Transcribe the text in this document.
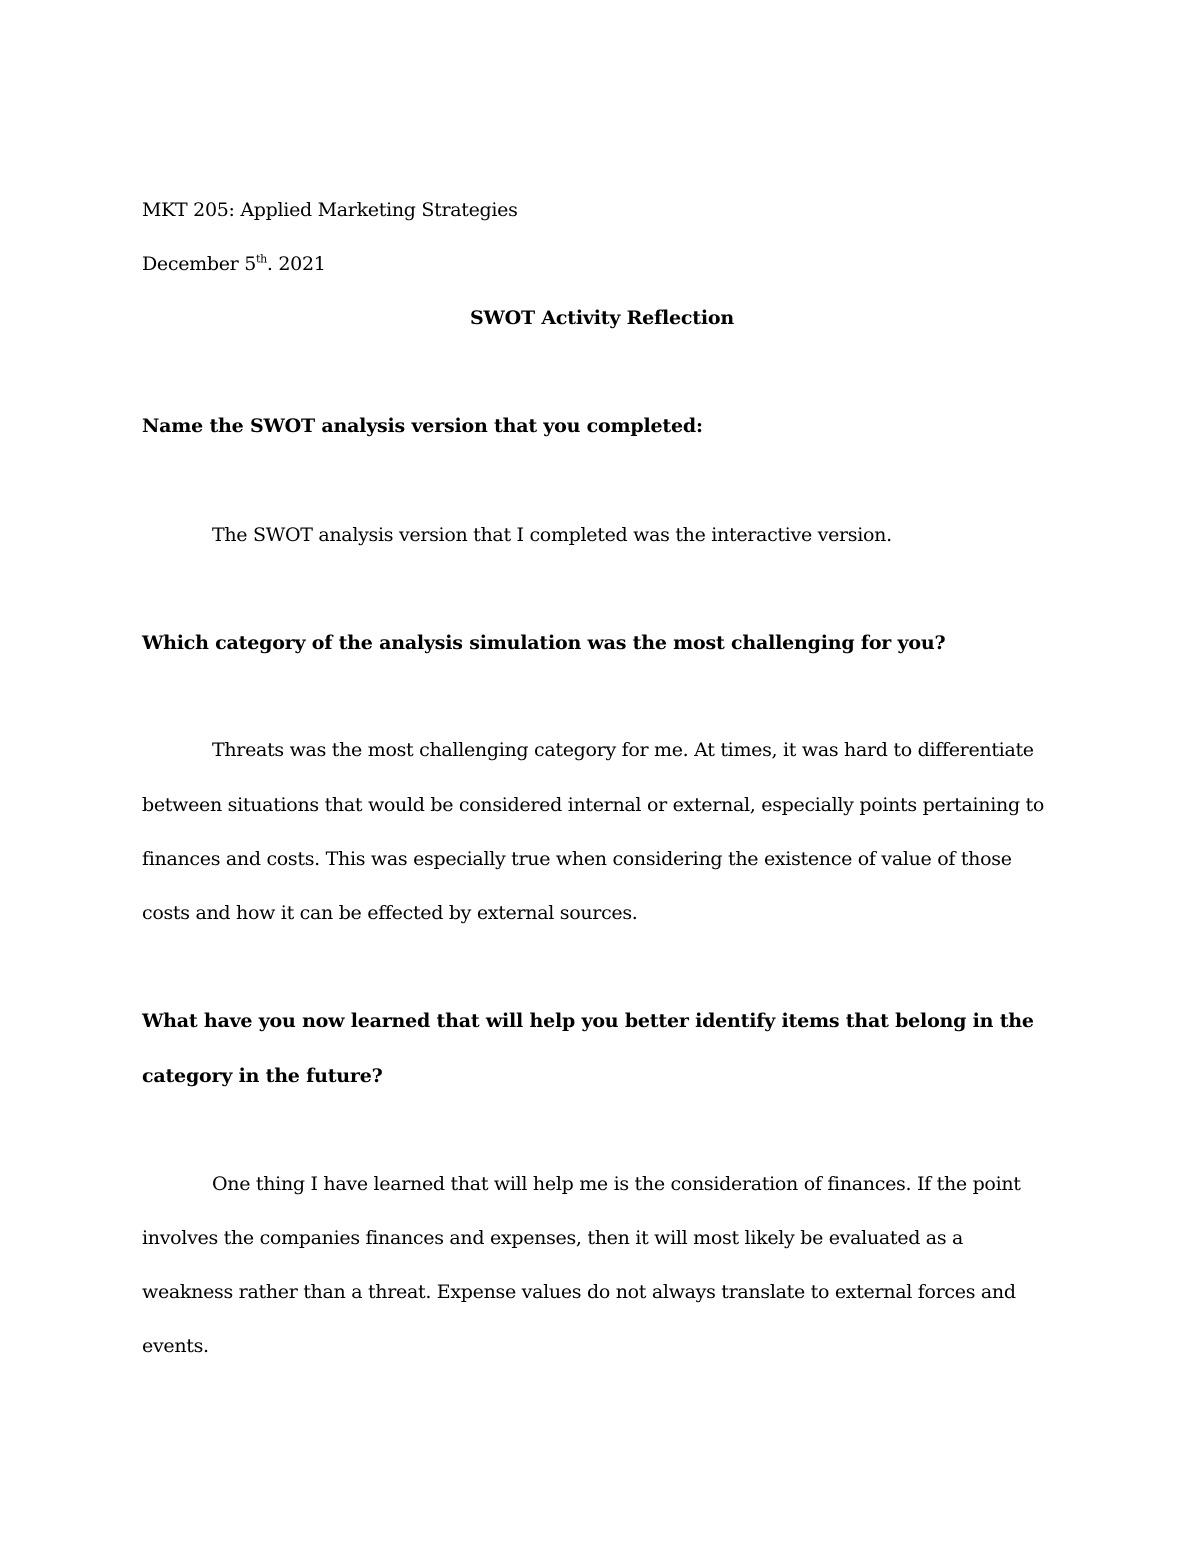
MKT 205: Applied Marketing Strategies
December 5th. 2021
SWOT Activity Reflection
Name the SWOT analysis version that you completed:
The SWOT analysis version that I completed was the interactive version.
Which category of the analysis simulation was the most challenging for you?
Threats was the most challenging category for me. At times, it was hard to differentiate
between situations that would be considered internal or external, especially points pertaining to
finances and costs. This was especially true when considering the existence of value of those
costs and how it can be effected by external sources.
What have you now learned that will help you better identify items that belong in the
category in the future?
One thing I have learned that will help me is the consideration of finances. If the point
involves the companies finances and expenses, then it will most likely be evaluated as a
weakness rather than a threat. Expense values do not always translate to external forces and
events.
